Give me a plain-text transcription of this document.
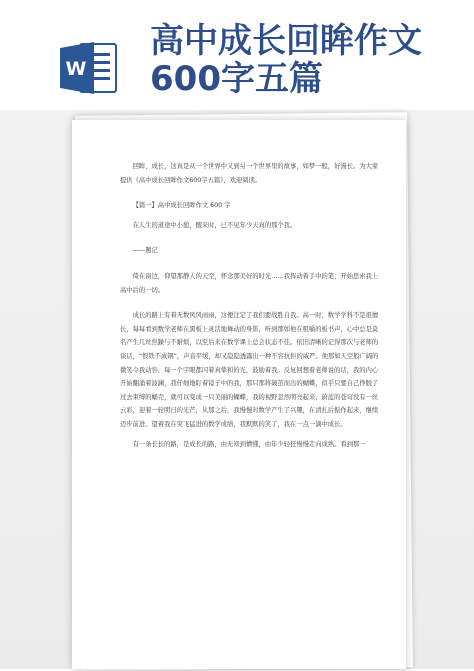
W
高中成长回眸作文
600字五篇

回眸、成长，这真是从一个世界中又到另一个世界里的故事，如梦一般，好漫长。为大家提供《高中成长回眸作文600字五篇》，欢迎阅读。

【篇一】高中成长回眸作文 600 字

在人生的道途中小憩，醒来时，已不见年少天真的那个我。

——题记

倚在窗边，仰望那静人的天空，怀念那美好的时光……我挥动着手中的笔，开始思索我上高中后的一切。

成长的路上有着无数风风雨雨，这便注定了我们要战胜自我。高一时，数学学科不是很擅长，每每看到数学老师在黑板上灵活地舞动的身影，听到那如他在咀嚼的板书声，心中总是莫名产生几丝焦躁与不耐烦，以至后来在数学课上总会状态不佳。依旧清晰的记得那次与老师的谈话，“恨铁不成钢”，声音平缓，却又隐隐透露出一种不容抗拒的威严。他那如天空般广阔的微笑令我动容，每一个字眼都闪着真挚和的光，鼓励着我。反复回想着老师说的话，我的内心开始翻涌着波澜，我仔细地盯着镜子中的我，那只那将破茧而出的蝴蝶，似乎只要自己挣脱了过去束缚的蛹壳，就可以变成一只美丽的蝴蝶，我的视野忽然明亮起来，蔚蓝的苍穹没有一丝云彩，迎着一轮明日的光芒，从那之后，我慢慢对数学产生了兴趣，在清扎后振作起来，继续迈步前进。望着我在突飞猛进的数学成绩，我默默的笑了，我在一点一滴中成长。

有一条长长的路，是成长的路，由无知到懵懂，由年少轻狂慢慢走向成熟。看到那一
